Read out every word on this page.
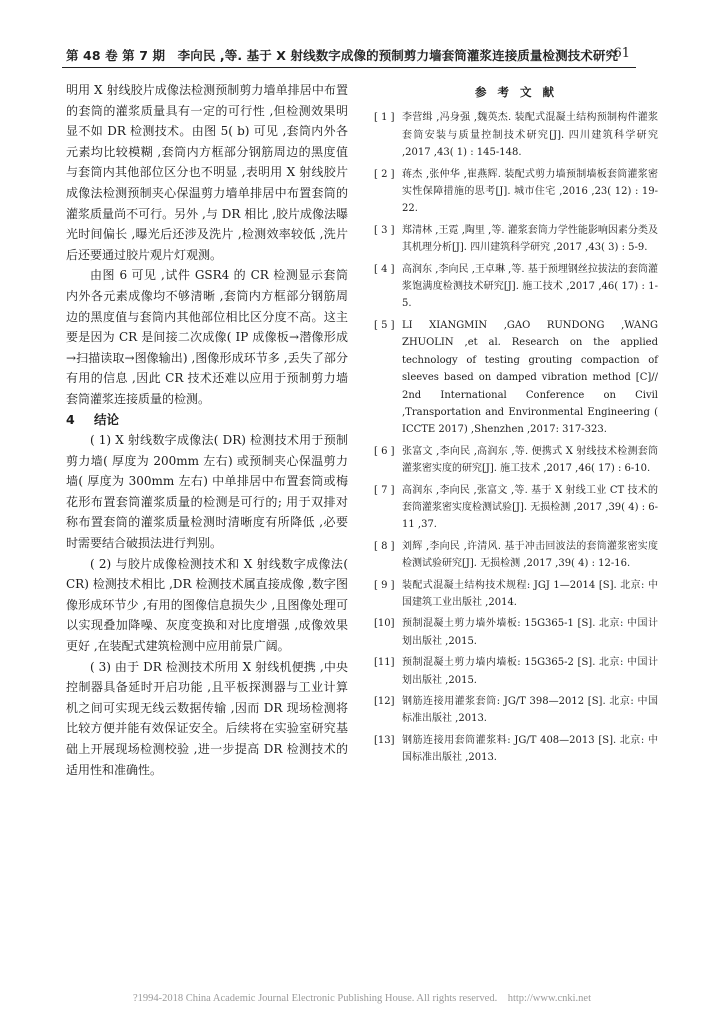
第 48 卷 第 7 期　李向民 ,等. 基于 X 射线数字成像的预制剪力墙套筒灌浆连接质量检测技术研究
61

明用 X 射线胶片成像法检测预制剪力墙单排居中布置的套筒的灌浆质量具有一定的可行性 ,但检测效果明显不如 DR 检测技术。由图 5( b) 可见 ,套筒内外各元素均比较模糊 ,套筒内方框部分钢筋周边的黑度值与套筒内其他部位区分也不明显 ,表明用 X 射线胶片成像法检测预制夹心保温剪力墙单排居中布置套筒的灌浆质量尚不可行。另外 ,与 DR 相比 ,胶片成像法曝光时间偏长 ,曝光后还涉及洗片 ,检测效率较低 ,洗片后还要通过胶片观片灯观测。

由图 6 可见 ,试件 GSR4 的 CR 检测显示套筒内外各元素成像均不够清晰 ,套筒内方框部分钢筋周边的黑度值与套筒内其他部位相比区分度不高。这主要是因为 CR 是间接二次成像( IP 成像板→潜像形成→扫描读取→图像输出) ,图像形成环节多 ,丢失了部分有用的信息 ,因此 CR 技术还难以应用于预制剪力墙套筒灌浆连接质量的检测。

4 结论

( 1) X 射线数字成像法( DR) 检测技术用于预制剪力墙( 厚度为 200mm 左右) 或预制夹心保温剪力墙( 厚度为 300mm 左右) 中单排居中布置套筒或梅花形布置套筒灌浆质量的检测是可行的; 用于双排对称布置套筒的灌浆质量检测时清晰度有所降低 ,必要时需要结合破损法进行判别。

( 2) 与胶片成像检测技术和 X 射线数字成像法( CR) 检测技术相比 ,DR 检测技术属直接成像 ,数字图像形成环节少 ,有用的图像信息损失少 ,且图像处理可以实现叠加降噪、灰度变换和对比度增强 ,成像效果更好 ,在装配式建筑检测中应用前景广阔。

( 3) 由于 DR 检测技术所用 X 射线机便携 ,中央控制器具备延时开启功能 ,且平板探测器与工业计算机之间可实现无线云数据传输 ,因而 DR 现场检测将比较方便并能有效保证安全。后续将在实验室研究基础上开展现场检测校验 ,进一步提高 DR 检测技术的适用性和准确性。

参考文献
[ 1 ] 李营缉 ,冯身强 ,魏英杰. 装配式混凝土结构预制构件灌浆套筒安装与质量控制技术研究[J]. 四川建筑科学研究 ,2017 ,43( 1) : 145-148.
[ 2 ] 蒋杰 ,张仲华 ,崔燕辉. 装配式剪力墙预制墙板套筒灌浆密实性保障措施的思考[J]. 城市住宅 ,2016 ,23( 12) : 19-22.
[ 3 ] 郑清林 ,王霓 ,陶里 ,等. 灌浆套筒力学性能影响因素分类及其机理分析[J]. 四川建筑科学研究 ,2017 ,43( 3) : 5-9.
[ 4 ] 高润东 ,李向民 ,王卓琳 ,等. 基于预埋钢丝拉拔法的套筒灌浆饱满度检测技术研究[J]. 施工技术 ,2017 ,46( 17) : 1-5.
[ 5 ] LI XIANGMIN ,GAO RUNDONG ,WANG ZHUOLIN ,et al. Research on the applied technology of testing grouting compaction of sleeves based on damped vibration method [C]// 2nd International Conference on Civil ,Transportation and Environmental Engineering ( ICCTE 2017) ,Shenzhen ,2017: 317-323.
[ 6 ] 张富文 ,李向民 ,高润东 ,等. 便携式 X 射线技术检测套筒灌浆密实度的研究[J]. 施工技术 ,2017 ,46( 17) : 6-10.
[ 7 ] 高润东 ,李向民 ,张富文 ,等. 基于 X 射线工业 CT 技术的套筒灌浆密实度检测试验[J]. 无损检测 ,2017 ,39( 4) : 6-11 ,37.
[ 8 ] 刘辉 ,李向民 ,许清风. 基于冲击回波法的套筒灌浆密实度检测试验研究[J]. 无损检测 ,2017 ,39( 4) : 12-16.
[ 9 ] 装配式混凝土结构技术规程: JGJ 1—2014 [S]. 北京: 中国建筑工业出版社 ,2014.
[10] 预制混凝土剪力墙外墙板: 15G365-1 [S]. 北京: 中国计划出版社 ,2015.
[11] 预制混凝土剪力墙内墙板: 15G365-2 [S]. 北京: 中国计划出版社 ,2015.
[12] 钢筋连接用灌浆套筒: JG/T 398—2012 [S]. 北京: 中国标准出版社 ,2013.
[13] 钢筋连接用套筒灌浆料: JG/T 408—2013 [S]. 北京: 中国标准出版社 ,2013.
?1994-2018 China Academic Journal Electronic Publishing House. All rights reserved.　http://www.cnki.net
